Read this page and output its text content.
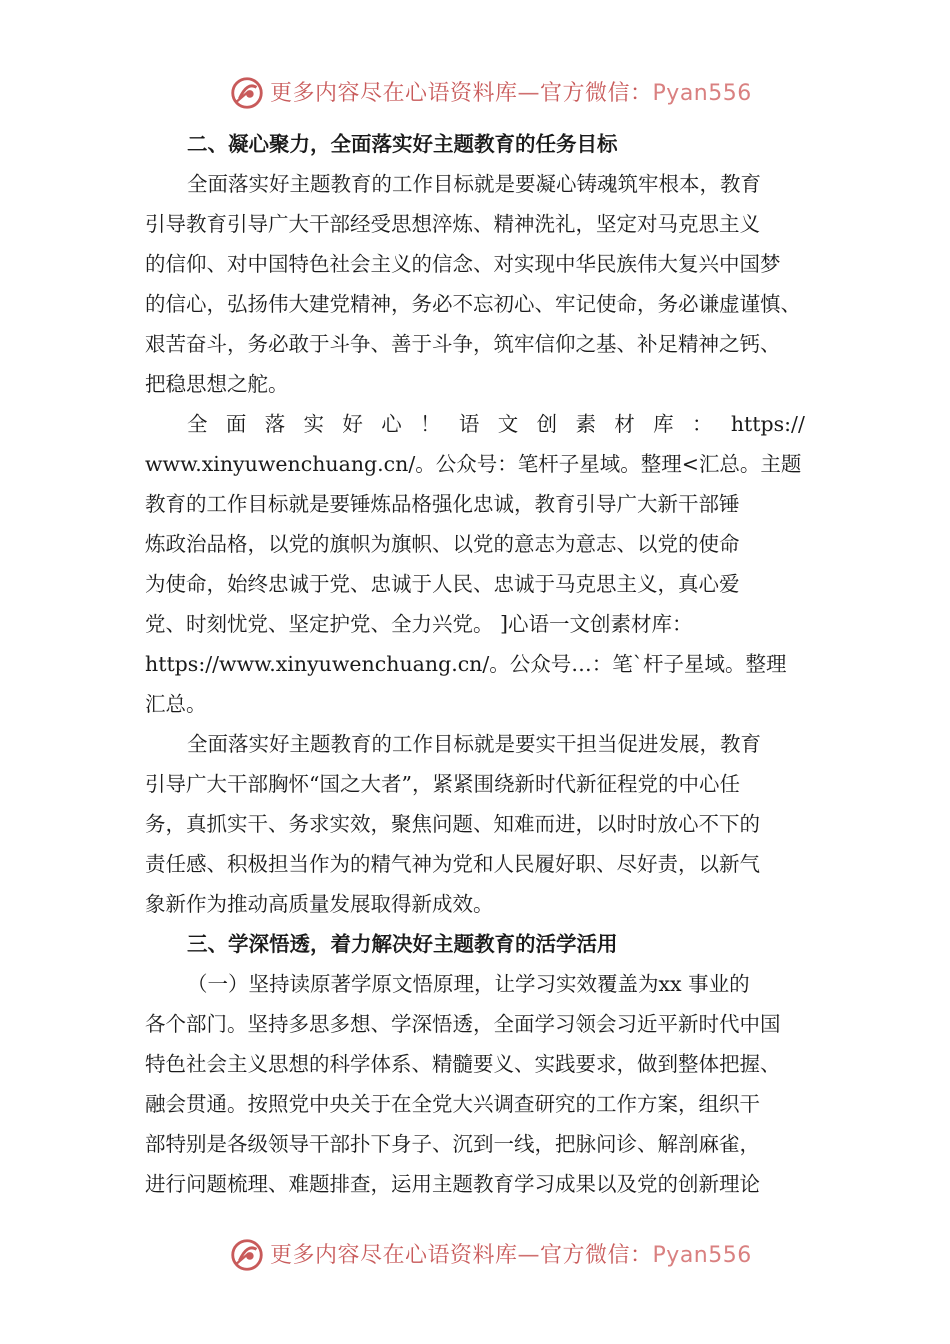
更多内容尽在心语资料库—官方微信：Pyan556
二、凝心聚力，全面落实好主题教育的任务目标
全面落实好主题教育的工作目标就是要凝心铸魂筑牢根本，教育
引导教育引导广大干部经受思想淬炼、精神洗礼，坚定对马克思主义
的信仰、对中国特色社会主义的信念、对实现中华民族伟大复兴中国梦
的信心，弘扬伟大建党精神，务必不忘初心、牢记使命，务必谦虚谨慎、
艰苦奋斗，务必敢于斗争、善于斗争，筑牢信仰之基、补足精神之钙、
把稳思想之舵。
全 面 落 实 好 心 ！ 语 文 创 素 材 库 ： https://
www.xinyuwenchuang.cn/。公众号：笔杆子星域。整理<汇总。主题
教育的工作目标就是要锤炼品格强化忠诚，教育引导广大新干部锤
炼政治品格，以党的旗帜为旗帜、以党的意志为意志、以党的使命
为使命，始终忠诚于党、忠诚于人民、忠诚于马克思主义，真心爱
党、时刻忧党、坚定护党、全力兴党。 ]心语一文创素材库：
https://www.xinyuwenchuang.cn/。公众号…：笔`杆子星域。整理
汇总。
全面落实好主题教育的工作目标就是要实干担当促进发展，教育
引导广大干部胸怀“国之大者”，紧紧围绕新时代新征程党的中心任
务，真抓实干、务求实效，聚焦问题、知难而进，以时时放心不下的
责任感、积极担当作为的精气神为党和人民履好职、尽好责，以新气
象新作为推动高质量发展取得新成效。
三、学深悟透，着力解决好主题教育的活学活用
（一）坚持读原著学原文悟原理，让学习实效覆盖为xx 事业的
各个部门。坚持多思多想、学深悟透，全面学习领会习近平新时代中国
特色社会主义思想的科学体系、精髓要义、实践要求，做到整体把握、
融会贯通。按照党中央关于在全党大兴调查研究的工作方案，组织干
部特别是各级领导干部扑下身子、沉到一线，把脉问诊、解剖麻雀，
进行问题梳理、难题排查，运用主题教育学习成果以及党的创新理论
更多内容尽在心语资料库—官方微信：Pyan556
